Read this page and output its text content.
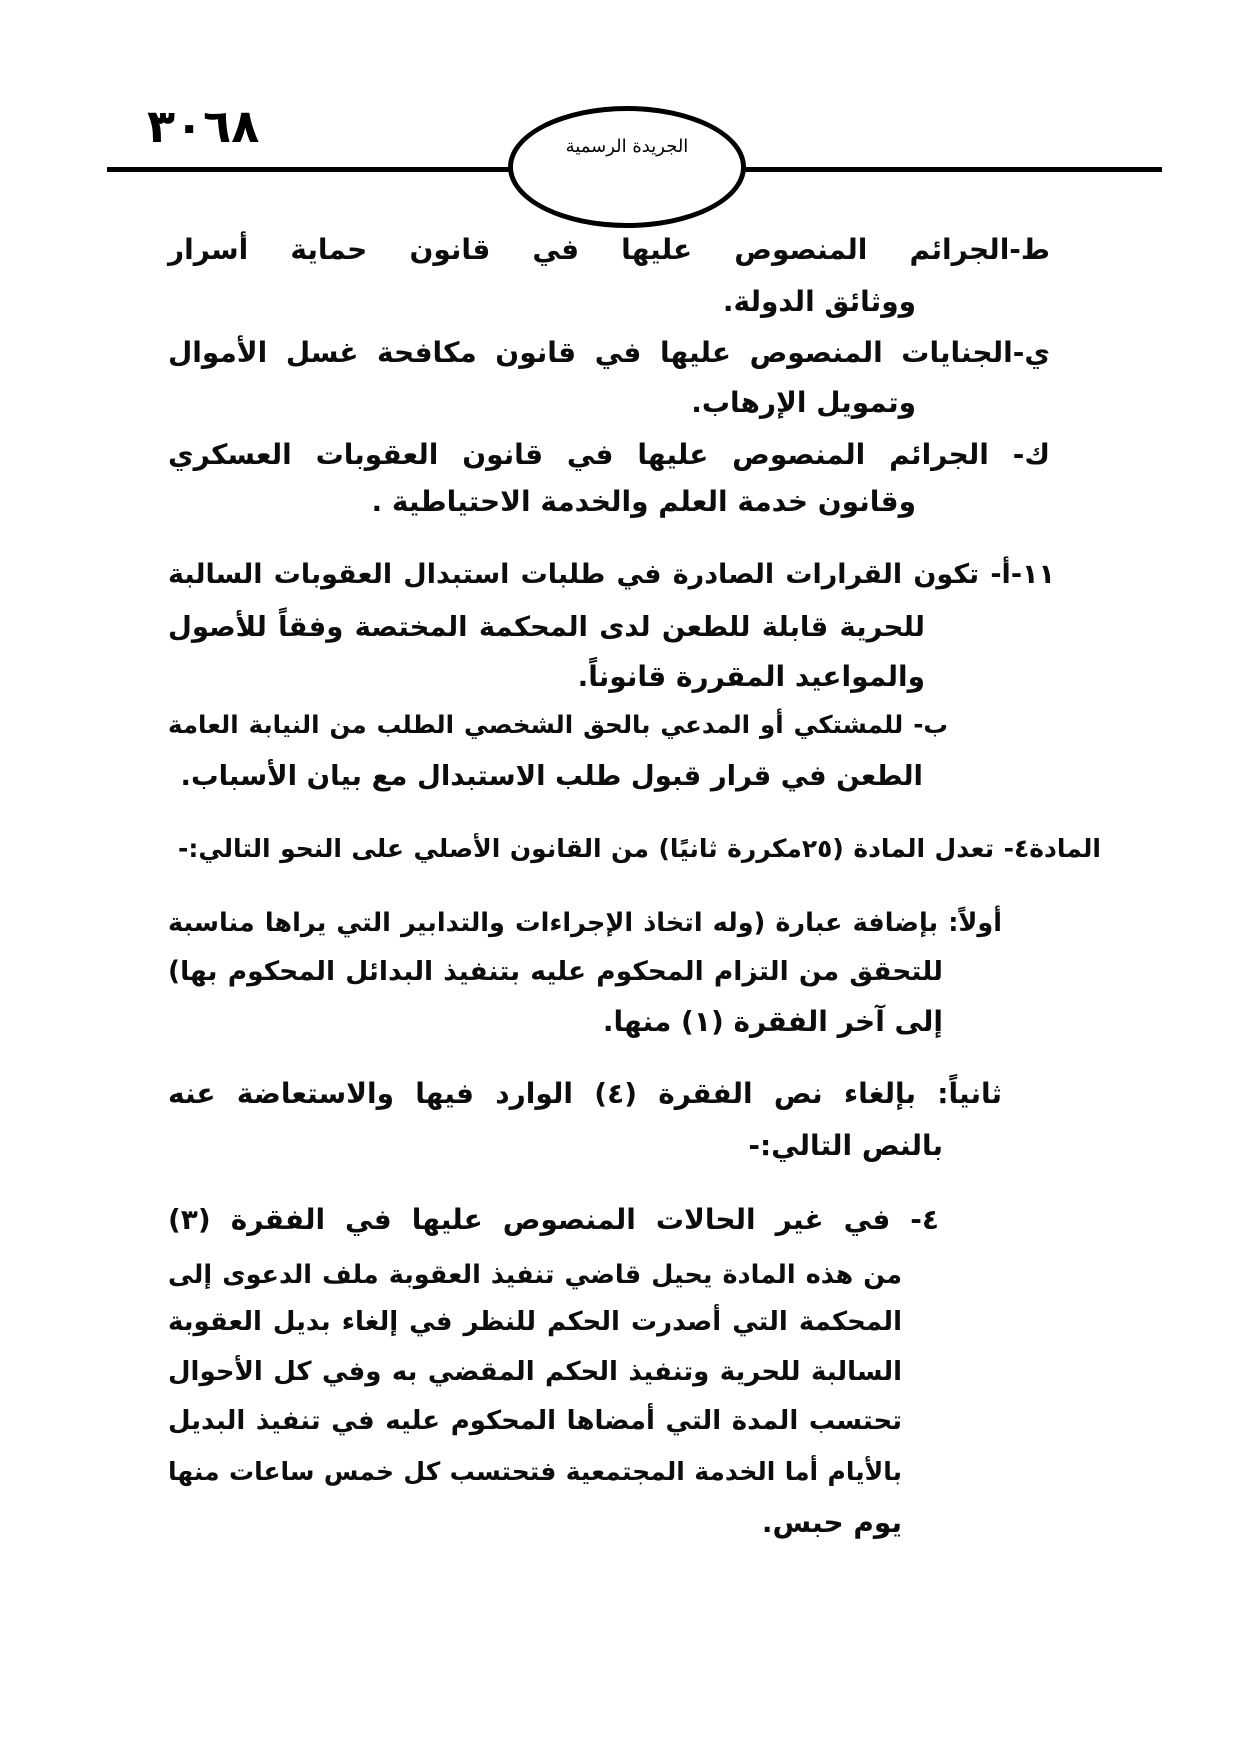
٣٠٦٨	الجريدة الرسمية
ط-الجرائم المنصوص عليها في قانون حماية أسرار
ووثائق الدولة.
ي-الجنايات المنصوص عليها في قانون مكافحة غسل الأموال
وتمويل الإرهاب.
ك- الجرائم المنصوص عليها في قانون العقوبات العسكري
وقانون خدمة العلم والخدمة الاحتياطية .
١١-أ- تكون القرارات الصادرة في طلبات استبدال العقوبات السالبة
للحرية قابلة للطعن لدى المحكمة المختصة وفقاً للأصول
والمواعيد المقررة قانوناً.
ب- للمشتكي أو المدعي بالحق الشخصي الطلب من النيابة العامة
الطعن في قرار قبول طلب الاستبدال مع بيان الأسباب.
المادة٤- تعدل المادة (٢٥مكررة ثانيًا) من القانون الأصلي على النحو التالي:-
أولاً: بإضافة عبارة (وله اتخاذ الإجراءات والتدابير التي يراها مناسبة
للتحقق من التزام المحكوم عليه بتنفيذ البدائل المحكوم بها)
إلى آخر الفقرة (١) منها.
ثانياً: بإلغاء نص الفقرة (٤) الوارد فيها والاستعاضة عنه
بالنص التالي:-
٤- في غير الحالات المنصوص عليها في الفقرة (٣)
من هذه المادة يحيل قاضي تنفيذ العقوبة ملف الدعوى إلى
المحكمة التي أصدرت الحكم للنظر في إلغاء بديل العقوبة
السالبة للحرية وتنفيذ الحكم المقضي به وفي كل الأحوال
تحتسب المدة التي أمضاها المحكوم عليه في تنفيذ البديل
بالأيام أما الخدمة المجتمعية فتحتسب كل خمس ساعات منها
يوم حبس.
